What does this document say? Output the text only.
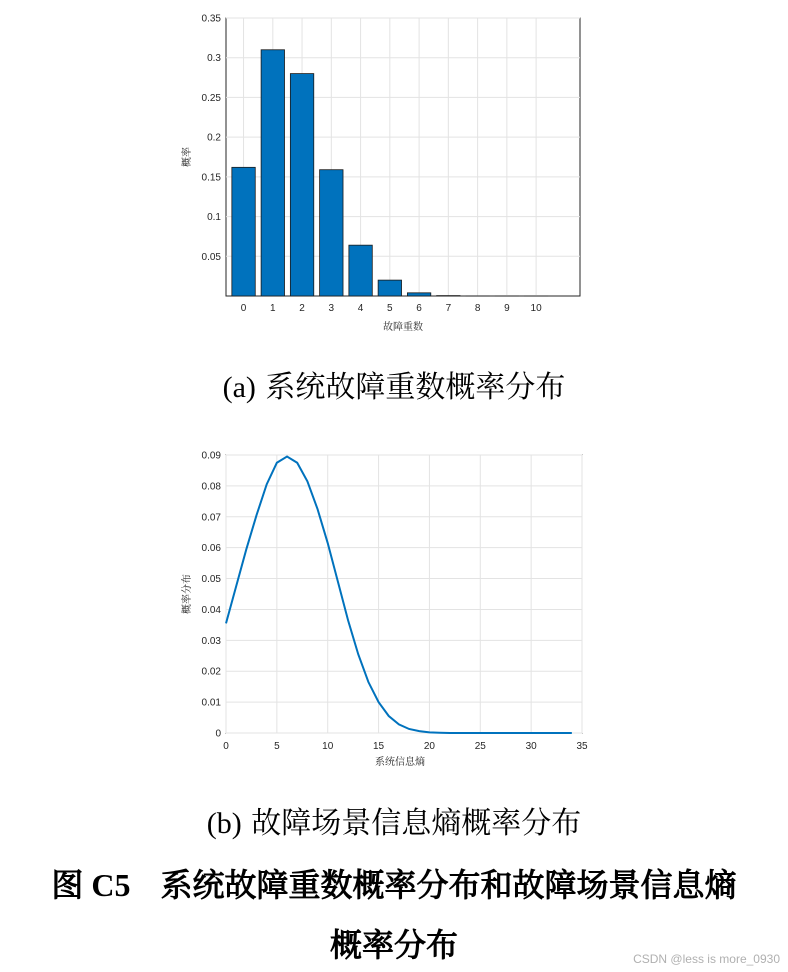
0 1 2 3 4 5 6 7 8 9 10
0.05
0.1
0.15
0.2
0.25
0.3
0.35
故障重数
概率
0	5	10	15	20	25	30	35
0
0.01
0.02
0.03
0.04
0.05
0.06
0.07
0.08
0.09
系统信息熵
概率分布
(a) 系统故障重数概率分布
(b) 故障场景信息熵概率分布
图 C5 系统故障重数概率分布和故障场景信息熵
概率分布	CSDN @less is more_0930
